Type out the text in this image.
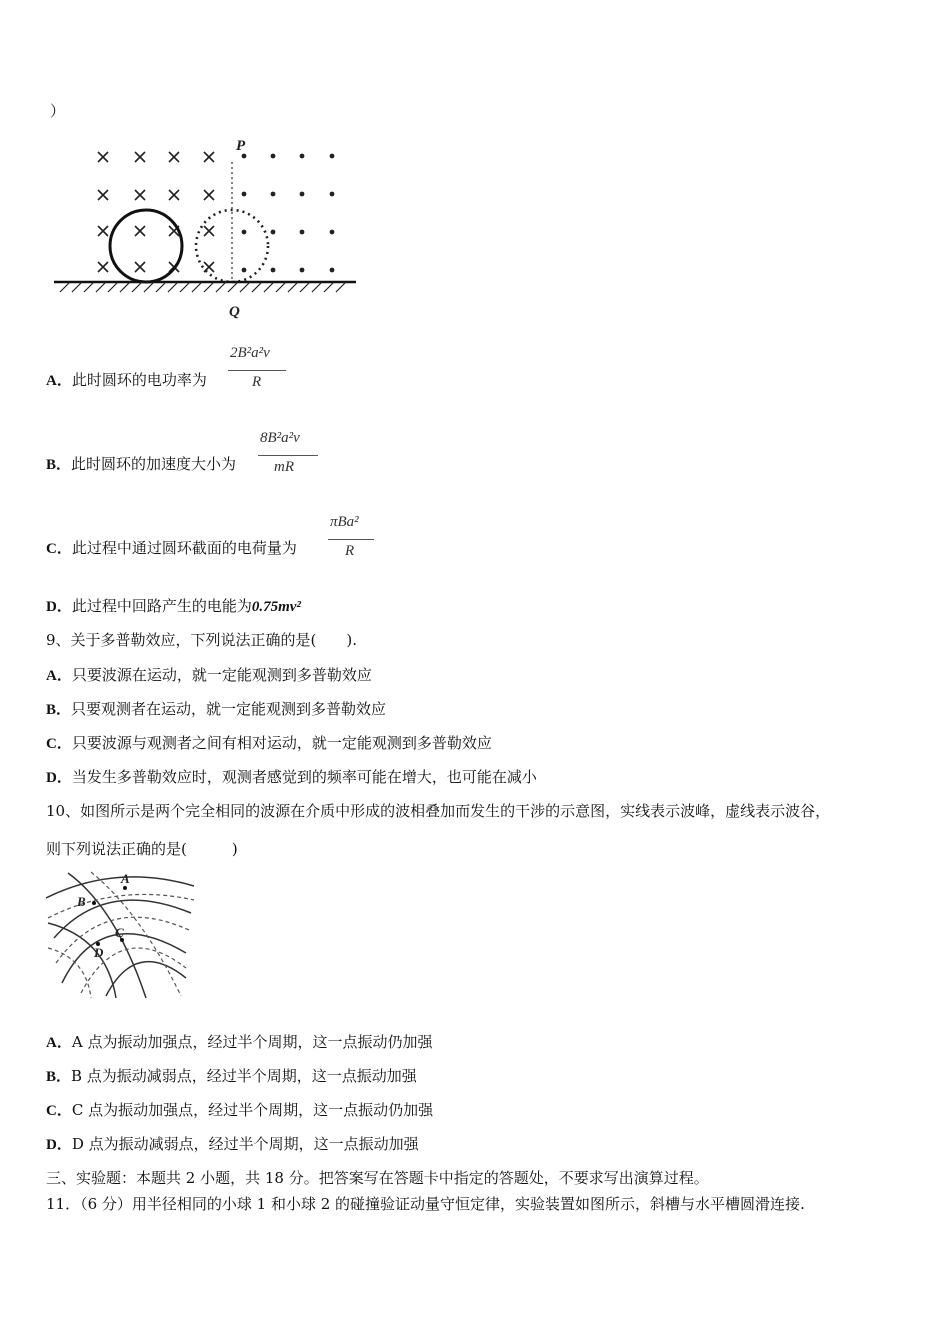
）
P
Q
A．此时圆环的电功率为
2B²a²v
R
B．此时圆环的加速度大小为
8B²a²v
mR
C．此过程中通过圆环截面的电荷量为
πBa²
R
D．此过程中回路产生的电能为0.75mv²
9、关于多普勒效应，下列说法正确的是(　　).
A．只要波源在运动，就一定能观测到多普勒效应
B．只要观测者在运动，就一定能观测到多普勒效应
C．只要波源与观测者之间有相对运动，就一定能观测到多普勒效应
D．当发生多普勒效应时，观测者感觉到的频率可能在增大，也可能在减小
10、如图所示是两个完全相同的波源在介质中形成的波相叠加而发生的干涉的示意图，实线表示波峰，虚线表示波谷，
则下列说法正确的是(　　　)
A
B
C
D
A．A 点为振动加强点，经过半个周期，这一点振动仍加强
B．B 点为振动减弱点，经过半个周期，这一点振动加强
C．C 点为振动加强点，经过半个周期，这一点振动仍加强
D．D 点为振动减弱点，经过半个周期，这一点振动加强
三、实验题：本题共 2 小题，共 18 分。把答案写在答题卡中指定的答题处，不要求写出演算过程。
11．（6 分）用半径相同的小球 1 和小球 2 的碰撞验证动量守恒定律，实验装置如图所示，斜槽与水平槽圆滑连接.
